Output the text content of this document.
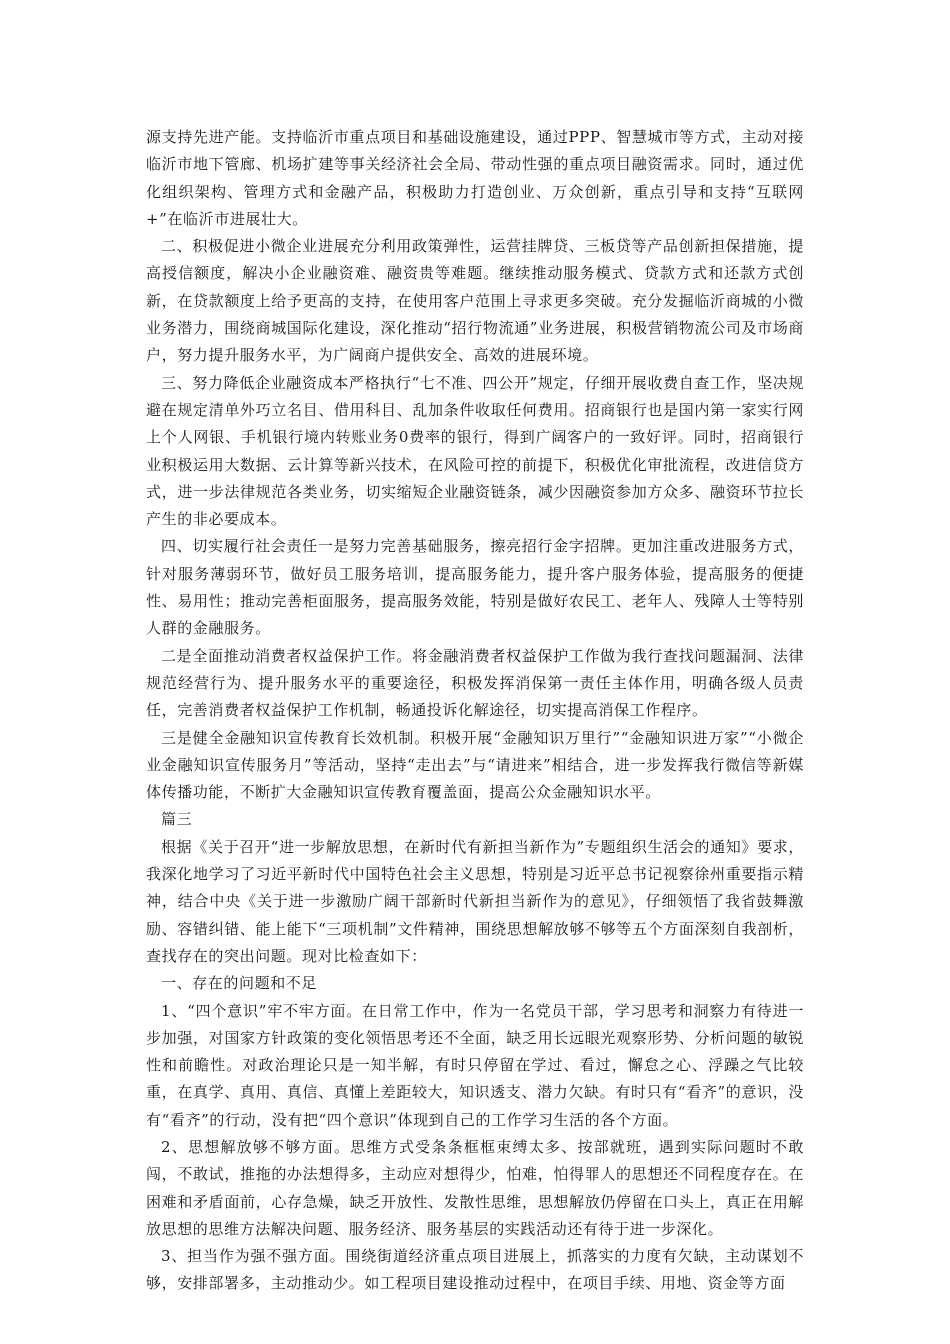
源支持先进产能。支持临沂市重点项目和基础设施建设，通过PPP、智慧城市等方式，主动对接临沂市地下管廊、机场扩建等事关经济社会全局、带动性强的重点项目融资需求。同时，通过优化组织架构、管理方式和金融产品，积极助力打造创业、万众创新，重点引导和支持“互联网+”在临沂市进展壮大。

二、积极促进小微企业进展充分利用政策弹性，运营挂牌贷、三板贷等产品创新担保措施，提高授信额度，解决小企业融资难、融资贵等难题。继续推动服务模式、贷款方式和还款方式创新，在贷款额度上给予更高的支持，在使用客户范围上寻求更多突破。充分发掘临沂商城的小微业务潜力，围绕商城国际化建设，深化推动“招行物流通”业务进展，积极营销物流公司及市场商户，努力提升服务水平，为广阔商户提供安全、高效的进展环境。

三、努力降低企业融资成本严格执行“七不准、四公开”规定，仔细开展收费自查工作，坚决规避在规定清单外巧立名目、借用科目、乱加条件收取任何费用。招商银行也是国内第一家实行网上个人网银、手机银行境内转账业务0费率的银行，得到广阔客户的一致好评。同时，招商银行业积极运用大数据、云计算等新兴技术，在风险可控的前提下，积极优化审批流程，改进信贷方式，进一步法律规范各类业务，切实缩短企业融资链条，减少因融资参加方众多、融资环节拉长产生的非必要成本。

四、切实履行社会责任一是努力完善基础服务，擦亮招行金字招牌。更加注重改进服务方式，针对服务薄弱环节，做好员工服务培训，提高服务能力，提升客户服务体验，提高服务的便捷性、易用性；推动完善柜面服务，提高服务效能，特别是做好农民工、老年人、残障人士等特别人群的金融服务。

二是全面推动消费者权益保护工作。将金融消费者权益保护工作做为我行查找问题漏洞、法律规范经营行为、提升服务水平的重要途径，积极发挥消保第一责任主体作用，明确各级人员责任，完善消费者权益保护工作机制，畅通投诉化解途径，切实提高消保工作程序。

三是健全金融知识宣传教育长效机制。积极开展“金融知识万里行”“金融知识进万家”“小微企业金融知识宣传服务月”等活动，坚持“走出去”与“请进来”相结合，进一步发挥我行微信等新媒体传播功能，不断扩大金融知识宣传教育覆盖面，提高公众金融知识水平。

篇三

根据《关于召开“进一步解放思想，在新时代有新担当新作为”专题组织生活会的通知》要求，我深化地学习了习近平新时代中国特色社会主义思想，特别是习近平总书记视察徐州重要指示精神，结合中央《关于进一步激励广阔干部新时代新担当新作为的意见》，仔细领悟了我省鼓舞激励、容错纠错、能上能下“三项机制”文件精神，围绕思想解放够不够等五个方面深刻自我剖析，查找存在的突出问题。现对比检查如下：

一、存在的问题和不足

1、“四个意识”牢不牢方面。在日常工作中，作为一名党员干部，学习思考和洞察力有待进一步加强，对国家方针政策的变化领悟思考还不全面，缺乏用长远眼光观察形势、分析问题的敏锐性和前瞻性。对政治理论只是一知半解，有时只停留在学过、看过，懈怠之心、浮躁之气比较重，在真学、真用、真信、真懂上差距较大，知识透支、潜力欠缺。有时只有“看齐”的意识，没有“看齐”的行动，没有把“四个意识”体现到自己的工作学习生活的各个方面。

2、思想解放够不够方面。思维方式受条条框框束缚太多、按部就班，遇到实际问题时不敢闯，不敢试，推拖的办法想得多，主动应对想得少，怕难，怕得罪人的思想还不同程度存在。在困难和矛盾面前，心存急燥，缺乏开放性、发散性思维，思想解放仍停留在口头上，真正在用解放思想的思维方法解决问题、服务经济、服务基层的实践活动还有待于进一步深化。

3、担当作为强不强方面。围绕街道经济重点项目进展上，抓落实的力度有欠缺，主动谋划不够，安排部署多，主动推动少。如工程项目建设推动过程中，在项目手续、用地、资金等方面
